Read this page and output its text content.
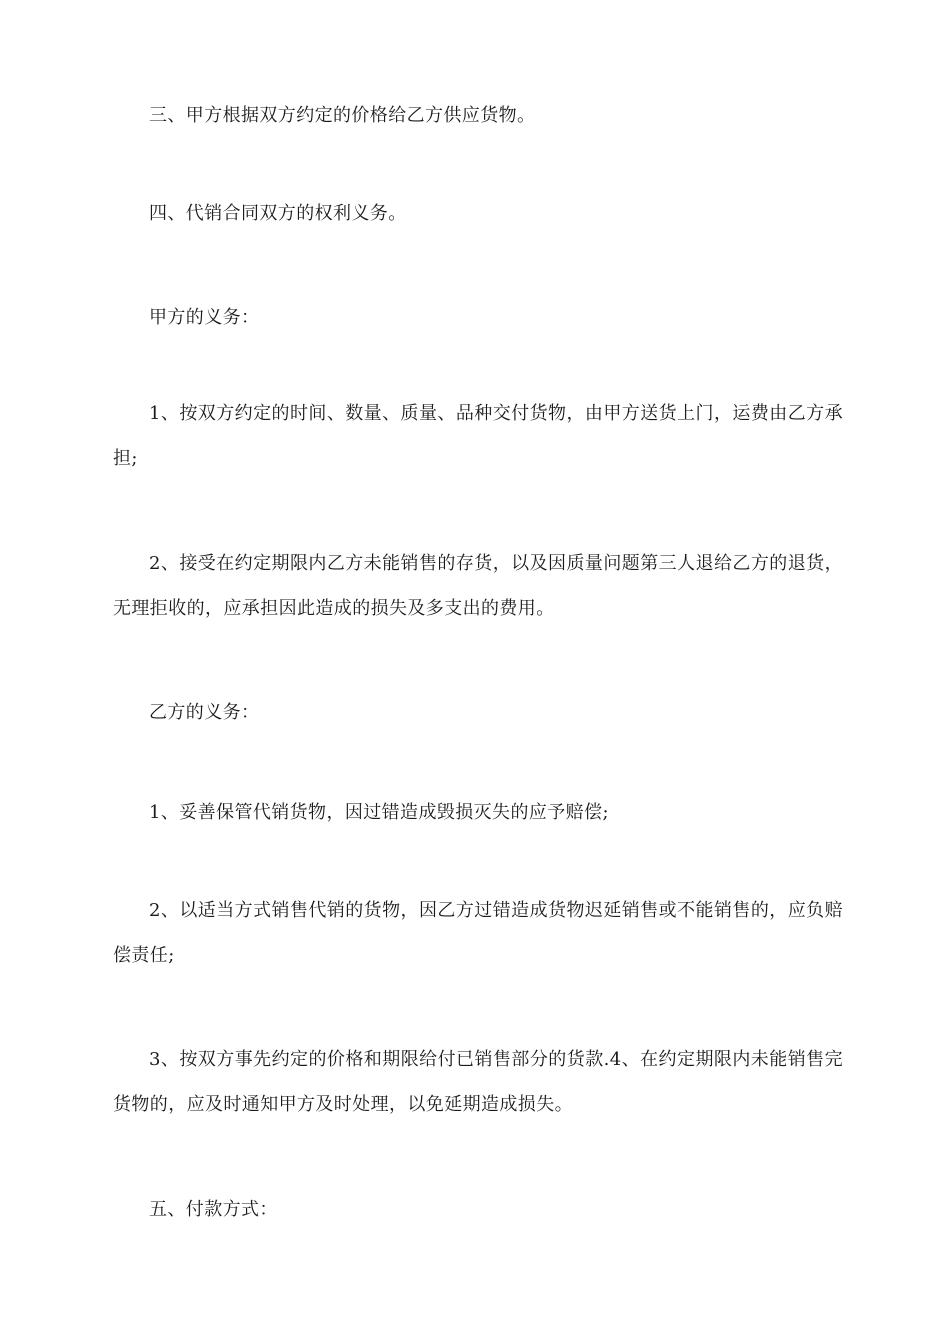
三、甲方根据双方约定的价格给乙方供应货物。

四、代销合同双方的权利义务。

甲方的义务：

1、按双方约定的时间、数量、质量、品种交付货物，由甲方送货上门，运费由乙方承担;

2、接受在约定期限内乙方未能销售的存货，以及因质量问题第三人退给乙方的退货，无理拒收的，应承担因此造成的损失及多支出的费用。

乙方的义务：

1、妥善保管代销货物，因过错造成毁损灭失的应予赔偿;

2、以适当方式销售代销的货物，因乙方过错造成货物迟延销售或不能销售的，应负赔偿责任;

3、按双方事先约定的价格和期限给付已销售部分的货款.4、在约定期限内未能销售完货物的，应及时通知甲方及时处理，以免延期造成损失。

五、付款方式：
